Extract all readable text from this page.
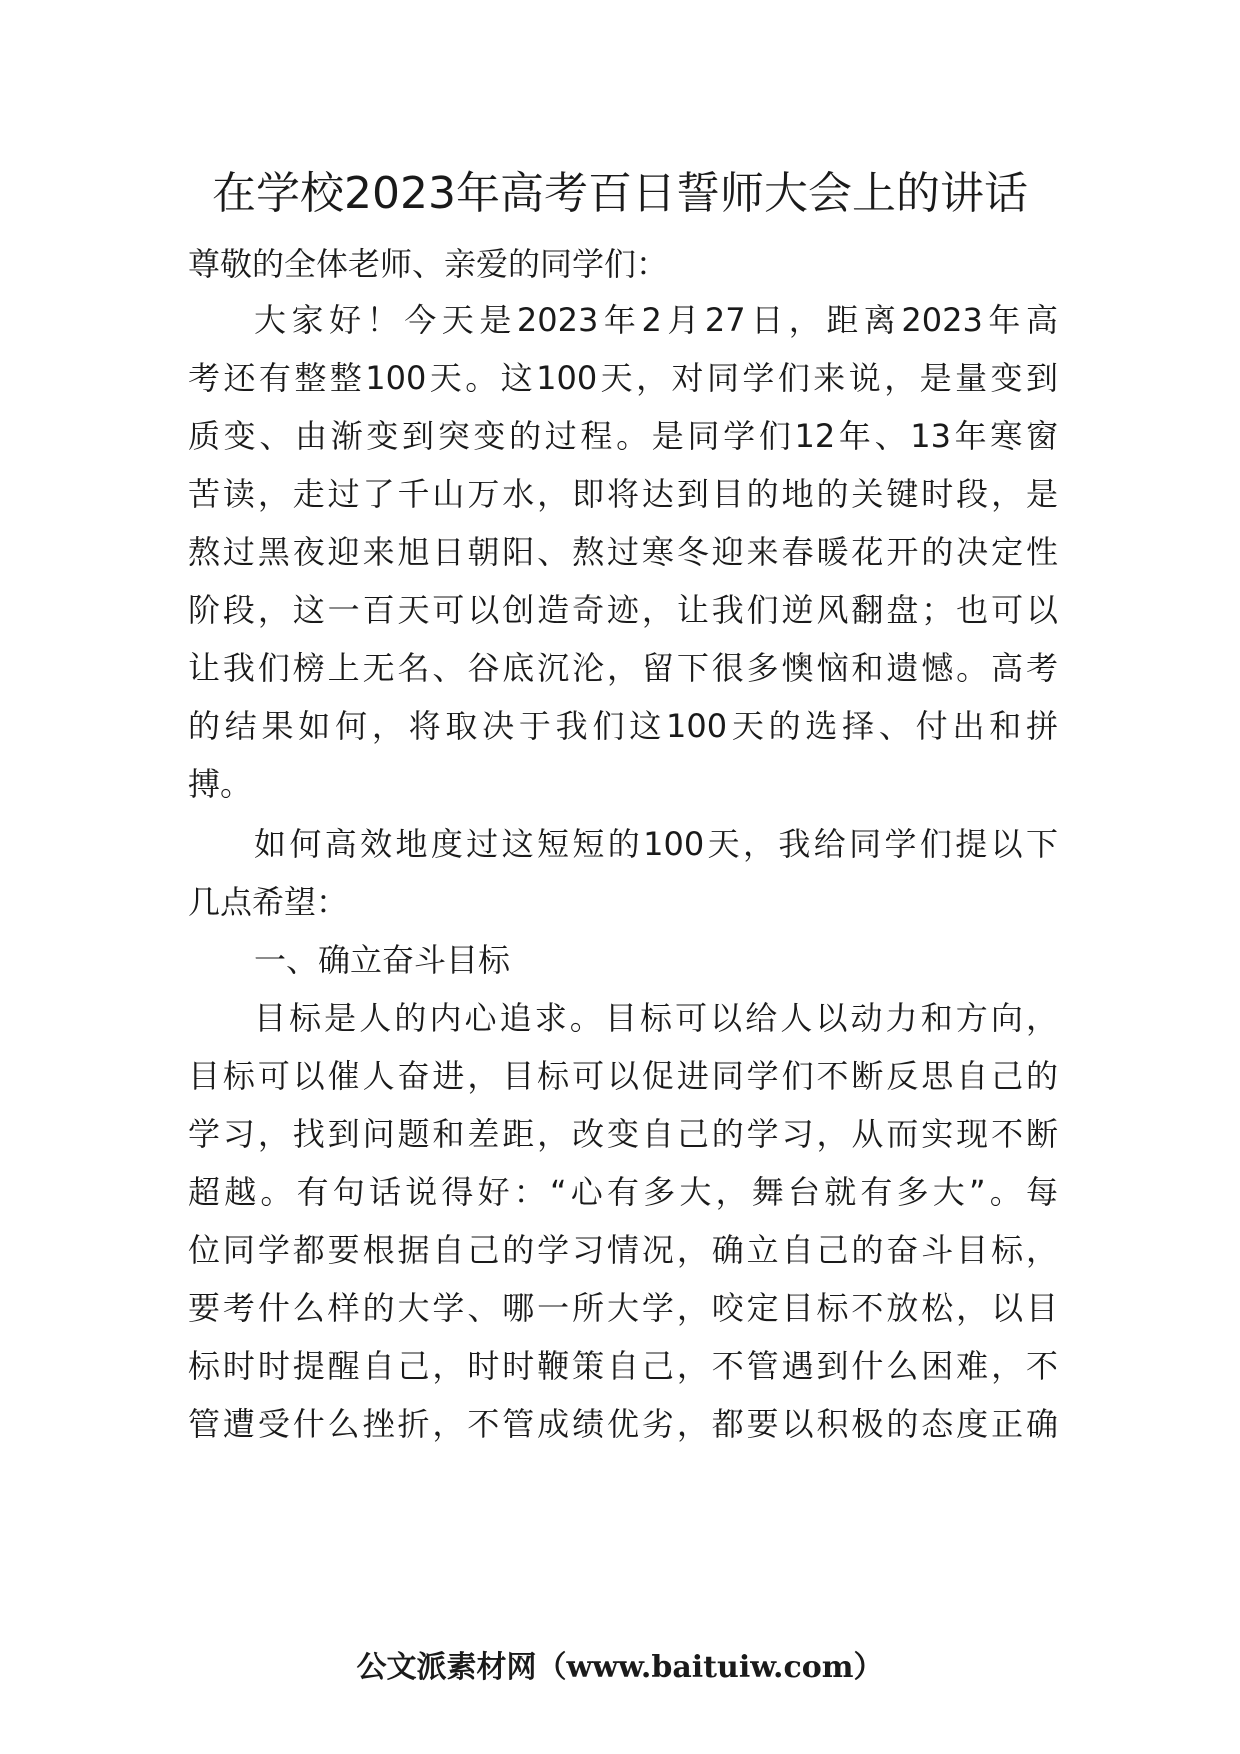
在学校2023年高考百日誓师大会上的讲话
尊敬的全体老师、亲爱的同学们：
大家好！今天是2023年2月27日，距离2023年高
考还有整整100天。这100天，对同学们来说，是量变到
质变、由渐变到突变的过程。是同学们12年、13年寒窗
苦读，走过了千山万水，即将达到目的地的关键时段，是
熬过黑夜迎来旭日朝阳、熬过寒冬迎来春暖花开的决定性
阶段，这一百天可以创造奇迹，让我们逆风翻盘；也可以
让我们榜上无名、谷底沉沦，留下很多懊恼和遗憾。高考
的结果如何，将取决于我们这100天的选择、付出和拼
搏。
如何高效地度过这短短的100天，我给同学们提以下
几点希望：
一、确立奋斗目标
目标是人的内心追求。目标可以给人以动力和方向，
目标可以催人奋进，目标可以促进同学们不断反思自己的
学习，找到问题和差距，改变自己的学习，从而实现不断
超越。有句话说得好：“心有多大，舞台就有多大”。每
位同学都要根据自己的学习情况，确立自己的奋斗目标，
要考什么样的大学、哪一所大学，咬定目标不放松，以目
标时时提醒自己，时时鞭策自己，不管遇到什么困难，不
管遭受什么挫折，不管成绩优劣，都要以积极的态度正确
公文派素材网（www.baituiw.com）
